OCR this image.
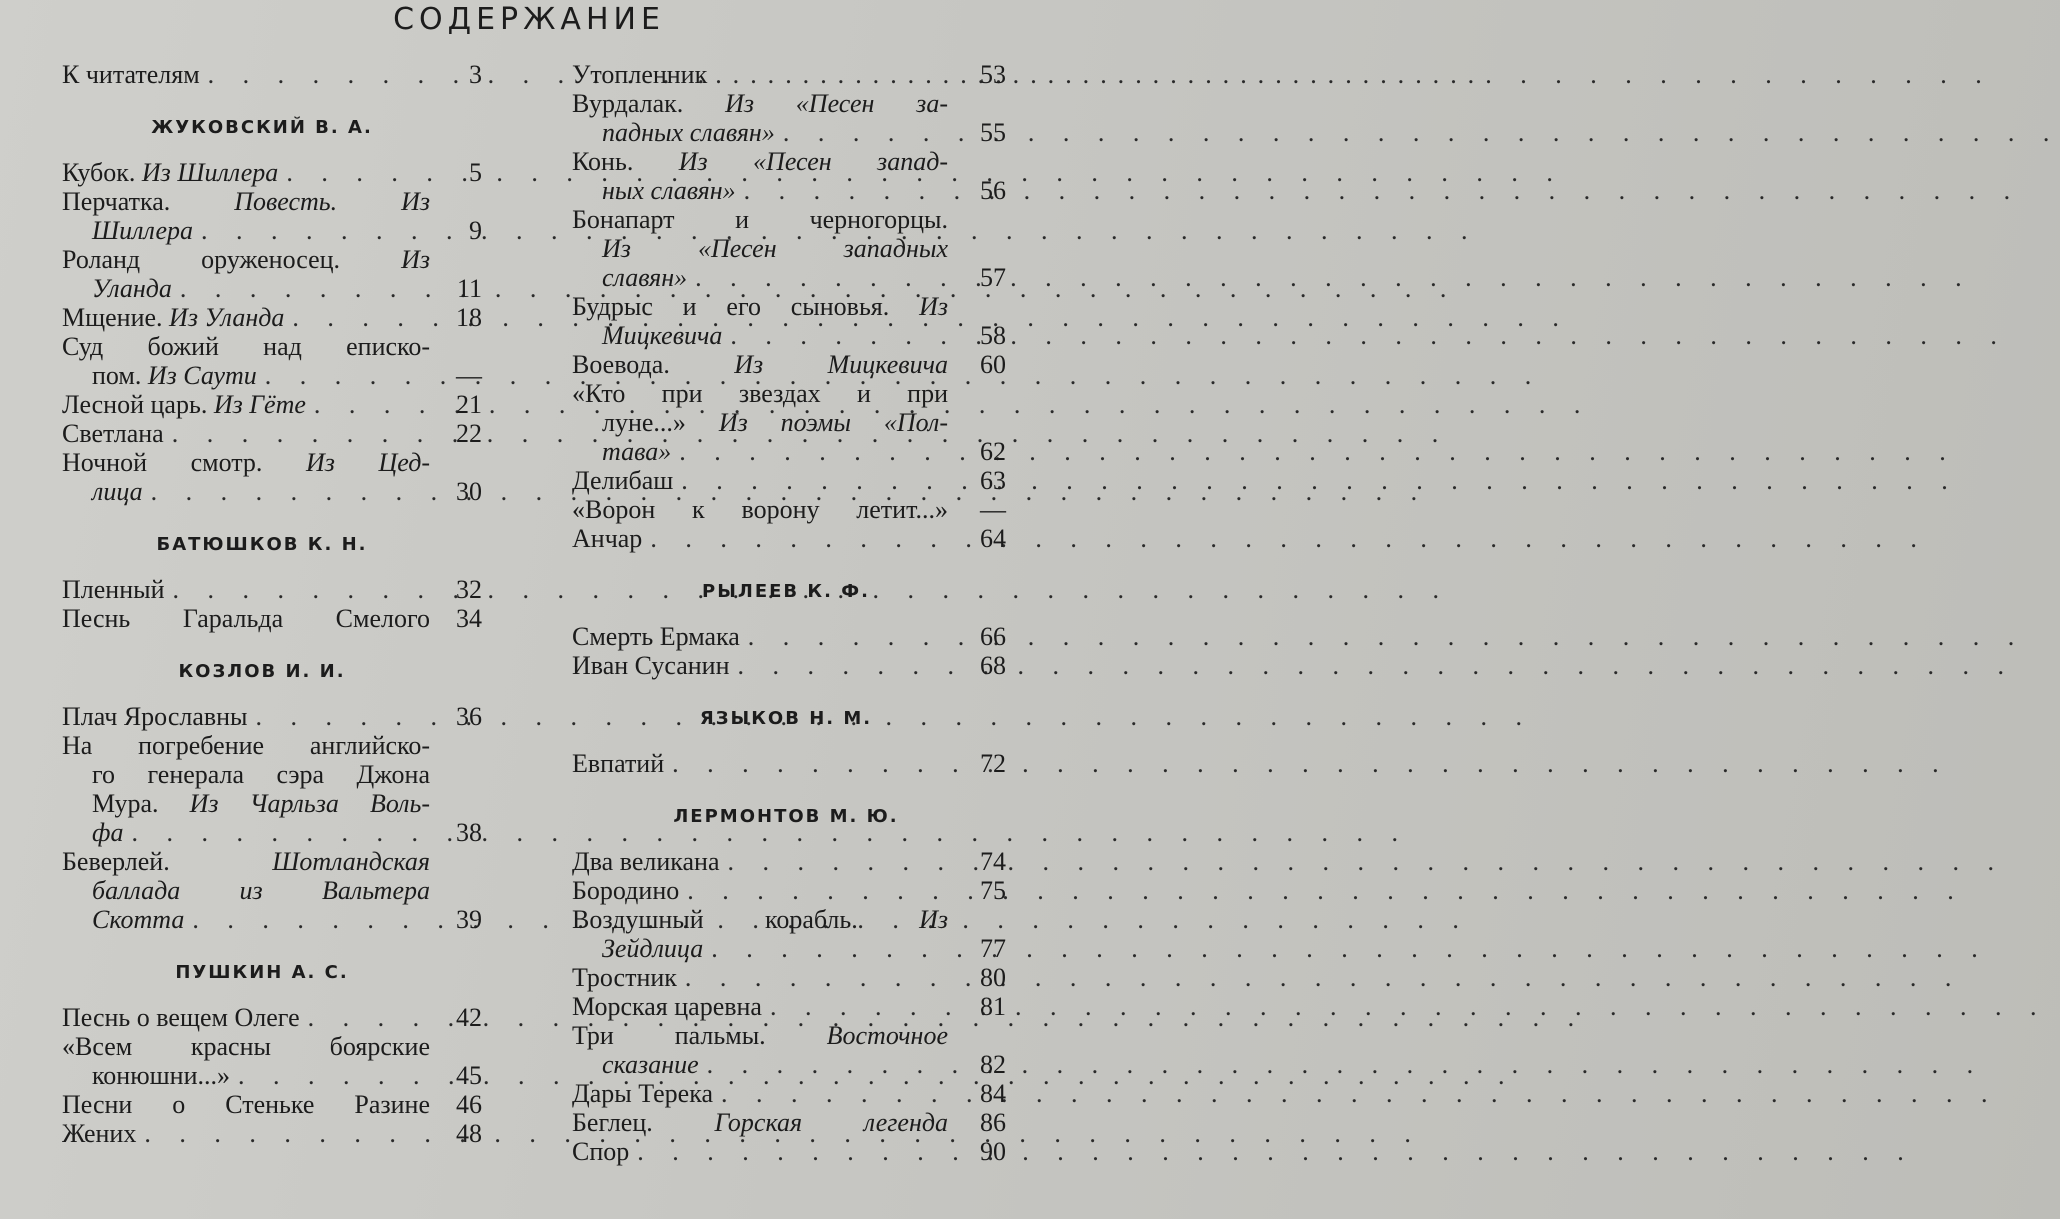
СОДЕРЖАНИЕ
К читателям . . .	3
ЖУКОВСКИЙ В. А.
Кубок. Из Шиллера . . .	5
Перчатка. Повесть. Из
Шиллера . . .	9
Роланд оруженосец. Из
Уланда . . .	11
Мщение. Из Уланда . . .	18
Суд божий над еписко-
пом. Из Саути . . .	—
Лесной царь. Из Гёте . . .	21
Светлана . . .	22
Ночной смотр. Из Цед-
лица . . .	30
БАТЮШКОВ К. Н.
Пленный . . .	32
Песнь Гаральда Смелого	34
КОЗЛОВ И. И.
Плач Ярославны . . .	36
На погребение английско-
го генерала сэра Джона
Мура. Из Чарльза Воль-
фа . . .	38
Беверлей.	Шотландская
баллада из Вальтера
Скотта . . .	39
ПУШКИН А. С.
Песнь о вещем Олеге . . .	42
«Всем красны боярские
конюшни...» . . .	45
Песни о Стеньке Разине	46
Жених . . .	48
Утопленник . . .	53
Вурдалак. Из «Песен за-
падных славян» . . .	55
Конь. Из «Песен запад-
ных славян» . . .	56
Бонапарт и черногорцы.
Из «Песен западных
славян» . . .	57
Будрыс и его сыновья. Из
Мицкевича . . .	58
Воевода. Из Мицкевича	60
«Кто при звездах и при
луне...» Из поэмы «Пол-
тава» . . .	62
Делибаш . . .	63
«Ворон к ворону летит...»	—
Анчар . . .	64
РЫЛЕЕВ К. Ф.
Смерть Ермака . . .	66
Иван Сусанин . . .	68
ЯЗЫКОВ Н. М.
Евпатий . . .	72
ЛЕРМОНТОВ М. Ю.
Два великана . . .	74
Бородино . . .	75
Воздушный корабль. Из
Зейдлица . . .	77
Тростник . . .	80
Морская царевна . . .	81
Три пальмы. Восточное
сказание . . .	82
Дары Терека . . .	84
Беглец. Горская легенда	86
Спор . . .	90
